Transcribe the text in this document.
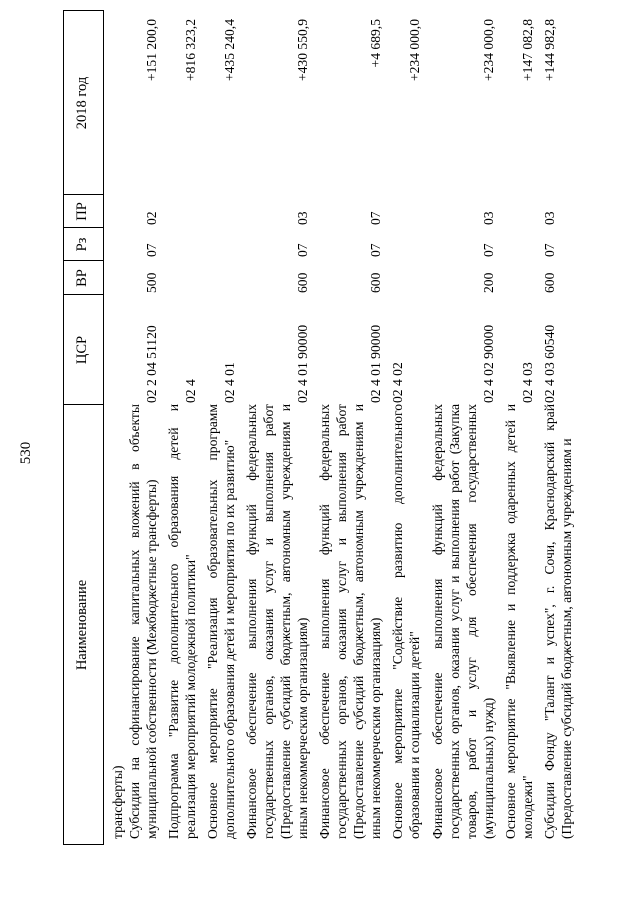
530
Наименование
ЦСР
ВР
Рз
ПР
2018 год
трансферты) Субсидии на софинансирование капитальных вложений в объекты муниципальной собственности (Межбюджетные трансферты)
02 2 04 51120
500
07
02
+151 200,0
Подпрограмма "Развитие дополнительного образования детей и реализация мероприятий молодежной политики"
02 4
+816 323,2
Основное мероприятие "Реализация образовательных программ дополнительного образования детей и мероприятия по их развитию"
02 4 01
+435 240,4
Финансовое обеспечение выполнения функций федеральных государственных органов, оказания услуг и выполнения работ (Предоставление субсидий бюджетным, автономным учреждениям и иным некоммерческим организациям)
02 4 01 90000
600
07
03
+430 550,9
Финансовое обеспечение выполнения функций федеральных государственных органов, оказания услуг и выполнения работ (Предоставление субсидий бюджетным, автономным учреждениям и иным некоммерческим организациям)
02 4 01 90000
600
07
07
+4 689,5
Основное мероприятие "Содействие развитию дополнительного образования и социализации детей"
02 4 02
+234 000,0
Финансовое обеспечение выполнения функций федеральных государственных органов, оказания услуг и выполнения работ (Закупка товаров, работ и услуг для обеспечения государственных (муниципальных) нужд)
02 4 02 90000
200
07
03
+234 000,0
Основное мероприятие "Выявление и поддержка одаренных детей и молодежи"
02 4 03
+147 082,8
Субсидии Фонду "Талант и успех", г. Сочи, Краснодарский край (Предоставление субсидий бюджетным, автономным учреждениям и
02 4 03 60540
600
07
03
+144 982,8
